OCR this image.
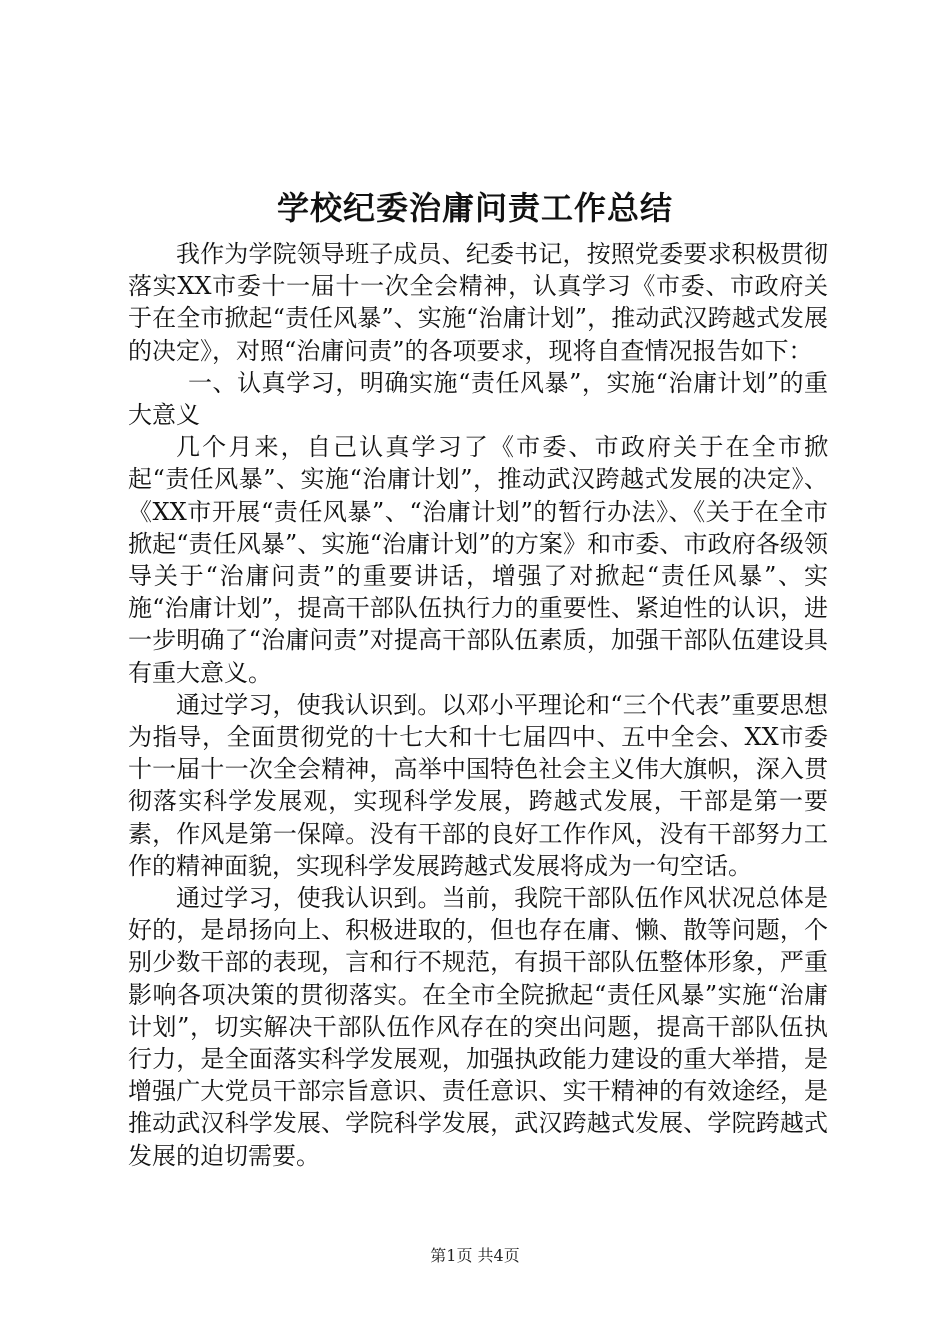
学校纪委治庸问责工作总结

我作为学院领导班子成员、纪委书记，按照党委要求积极贯彻落实XX市委十一届十一次全会精神，认真学习《市委、市政府关于在全市掀起“责任风暴”、实施“治庸计划”，推动武汉跨越式发展的决定》，对照“治庸问责”的各项要求，现将自查情况报告如下：

一、认真学习，明确实施“责任风暴”，实施“治庸计划”的重大意义

几个月来，自己认真学习了《市委、市政府关于在全市掀起“责任风暴”、实施“治庸计划”，推动武汉跨越式发展的决定》、《XX市开展“责任风暴”、“治庸计划”的暂行办法》、《关于在全市掀起“责任风暴”、实施“治庸计划”的方案》和市委、市政府各级领导关于“治庸问责”的重要讲话，增强了对掀起“责任风暴”、实施“治庸计划”，提高干部队伍执行力的重要性、紧迫性的认识，进一步明确了“治庸问责”对提高干部队伍素质，加强干部队伍建设具有重大意义。

通过学习，使我认识到。以邓小平理论和“三个代表”重要思想为指导，全面贯彻党的十七大和十七届四中、五中全会、XX市委十一届十一次全会精神，高举中国特色社会主义伟大旗帜，深入贯彻落实科学发展观，实现科学发展，跨越式发展，干部是第一要素，作风是第一保障。没有干部的良好工作作风，没有干部努力工作的精神面貌，实现科学发展跨越式发展将成为一句空话。

通过学习，使我认识到。当前，我院干部队伍作风状况总体是好的，是昂扬向上、积极进取的，但也存在庸、懒、散等问题，个别少数干部的表现，言和行不规范，有损干部队伍整体形象，严重影响各项决策的贯彻落实。在全市全院掀起“责任风暴”实施“治庸计划”，切实解决干部队伍作风存在的突出问题，提高干部队伍执行力，是全面落实科学发展观，加强执政能力建设的重大举措，是增强广大党员干部宗旨意识、责任意识、实干精神的有效途经，是推动武汉科学发展、学院科学发展，武汉跨越式发展、学院跨越式发展的迫切需要。

第1页 共4页
